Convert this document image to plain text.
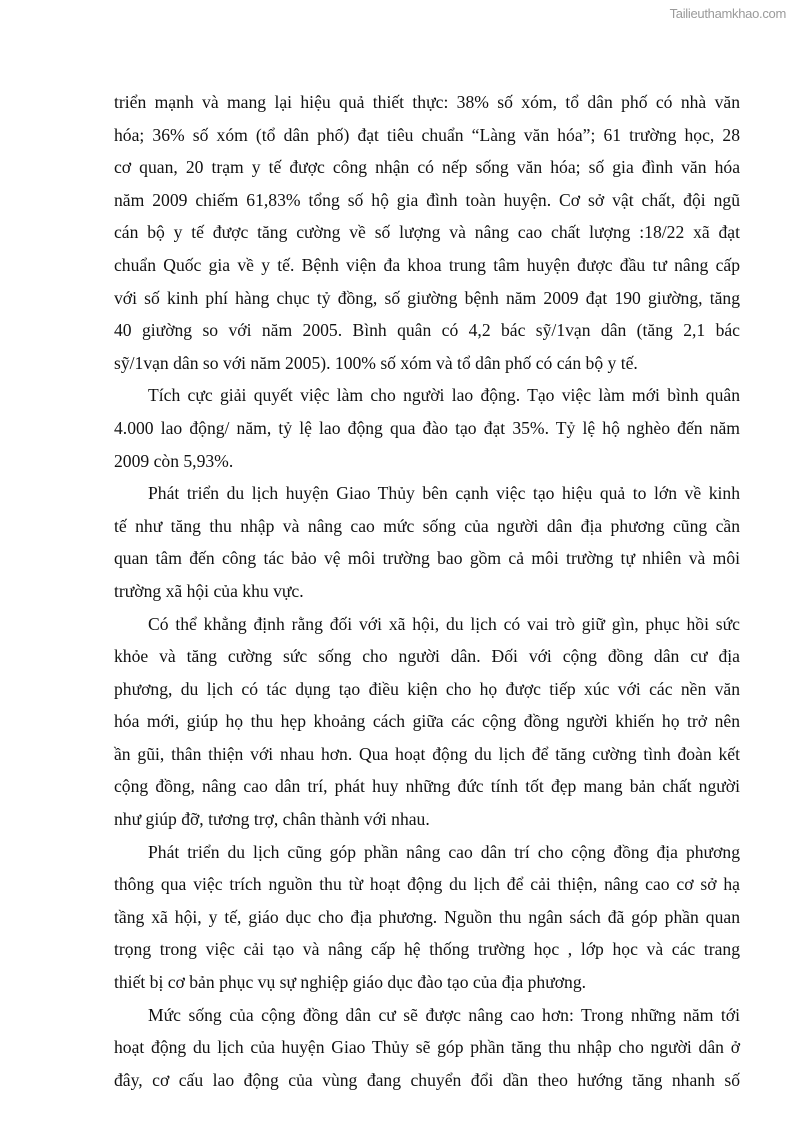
Tailieuthamkhao.com
triển mạnh và mang lại hiệu quả thiết thực: 38% số xóm, tổ dân phố có nhà văn
hóa; 36% số xóm (tổ dân phố) đạt tiêu chuẩn “Làng văn hóa”; 61 trường học, 28
cơ quan, 20 trạm y tế được công nhận có nếp sống văn hóa; số gia đình văn hóa
năm 2009 chiếm 61,83% tổng số hộ gia đình toàn huyện. Cơ sở vật chất, đội ngũ
cán bộ y tế được tăng cường về số lượng và nâng cao chất lượng :18/22 xã đạt
chuẩn Quốc gia về y tế. Bệnh viện đa khoa trung tâm huyện được đầu tư nâng cấp
với số kinh phí hàng chục tỷ đồng, số giường bệnh năm 2009 đạt 190 giường, tăng
40 giường so với năm 2005. Bình quân có 4,2 bác sỹ/1vạn dân (tăng 2,1 bác
sỹ/1vạn dân so với năm 2005). 100% số xóm và tổ dân phố có cán bộ y tế.
Tích cực giải quyết việc làm cho người lao động. Tạo việc làm mới bình quân
4.000 lao động/ năm, tỷ lệ lao động qua đào tạo đạt 35%. Tỷ lệ hộ nghèo đến năm
2009 còn 5,93%.
Phát triển du lịch huyện Giao Thủy bên cạnh việc tạo hiệu quả to lớn về kinh
tế như tăng thu nhập và nâng cao mức sống của người dân địa phương cũng cần
quan tâm đến công tác bảo vệ môi trường bao gồm cả môi trường tự nhiên và môi
trường xã hội của khu vực.
Có thể khẳng định rằng đối với xã hội, du lịch có vai trò giữ gìn, phục hồi sức
khỏe và tăng cường sức sống cho người dân. Đối với cộng đồng dân cư địa
phương, du lịch có tác dụng tạo điều kiện cho họ được tiếp xúc với các nền văn
hóa mới, giúp họ thu hẹp khoảng cách giữa các cộng đồng người khiến họ trở nên
ần gũi, thân thiện với nhau hơn. Qua hoạt động du lịch để tăng cường tình đoàn kết
cộng đồng, nâng cao dân trí, phát huy những đức tính tốt đẹp mang bản chất người
như giúp đỡ, tương trợ, chân thành với nhau.
Phát triển du lịch cũng góp phần nâng cao dân trí cho cộng đồng địa phương
thông qua việc trích nguồn thu từ hoạt động du lịch để cải thiện, nâng cao cơ sở hạ
tầng xã hội, y tế, giáo dục cho địa phương. Nguồn thu ngân sách đã góp phần quan
trọng trong việc cải tạo và nâng cấp hệ thống trường học , lớp học và các trang
thiết bị cơ bản phục vụ sự nghiệp giáo dục đào tạo của địa phương.
Mức sống của cộng đồng dân cư sẽ được nâng cao hơn: Trong những năm tới
hoạt động du lịch của huyện Giao Thủy sẽ góp phần tăng thu nhập cho người dân ở
đây, cơ cấu lao động của vùng đang chuyển đổi dần theo hướng tăng nhanh số
